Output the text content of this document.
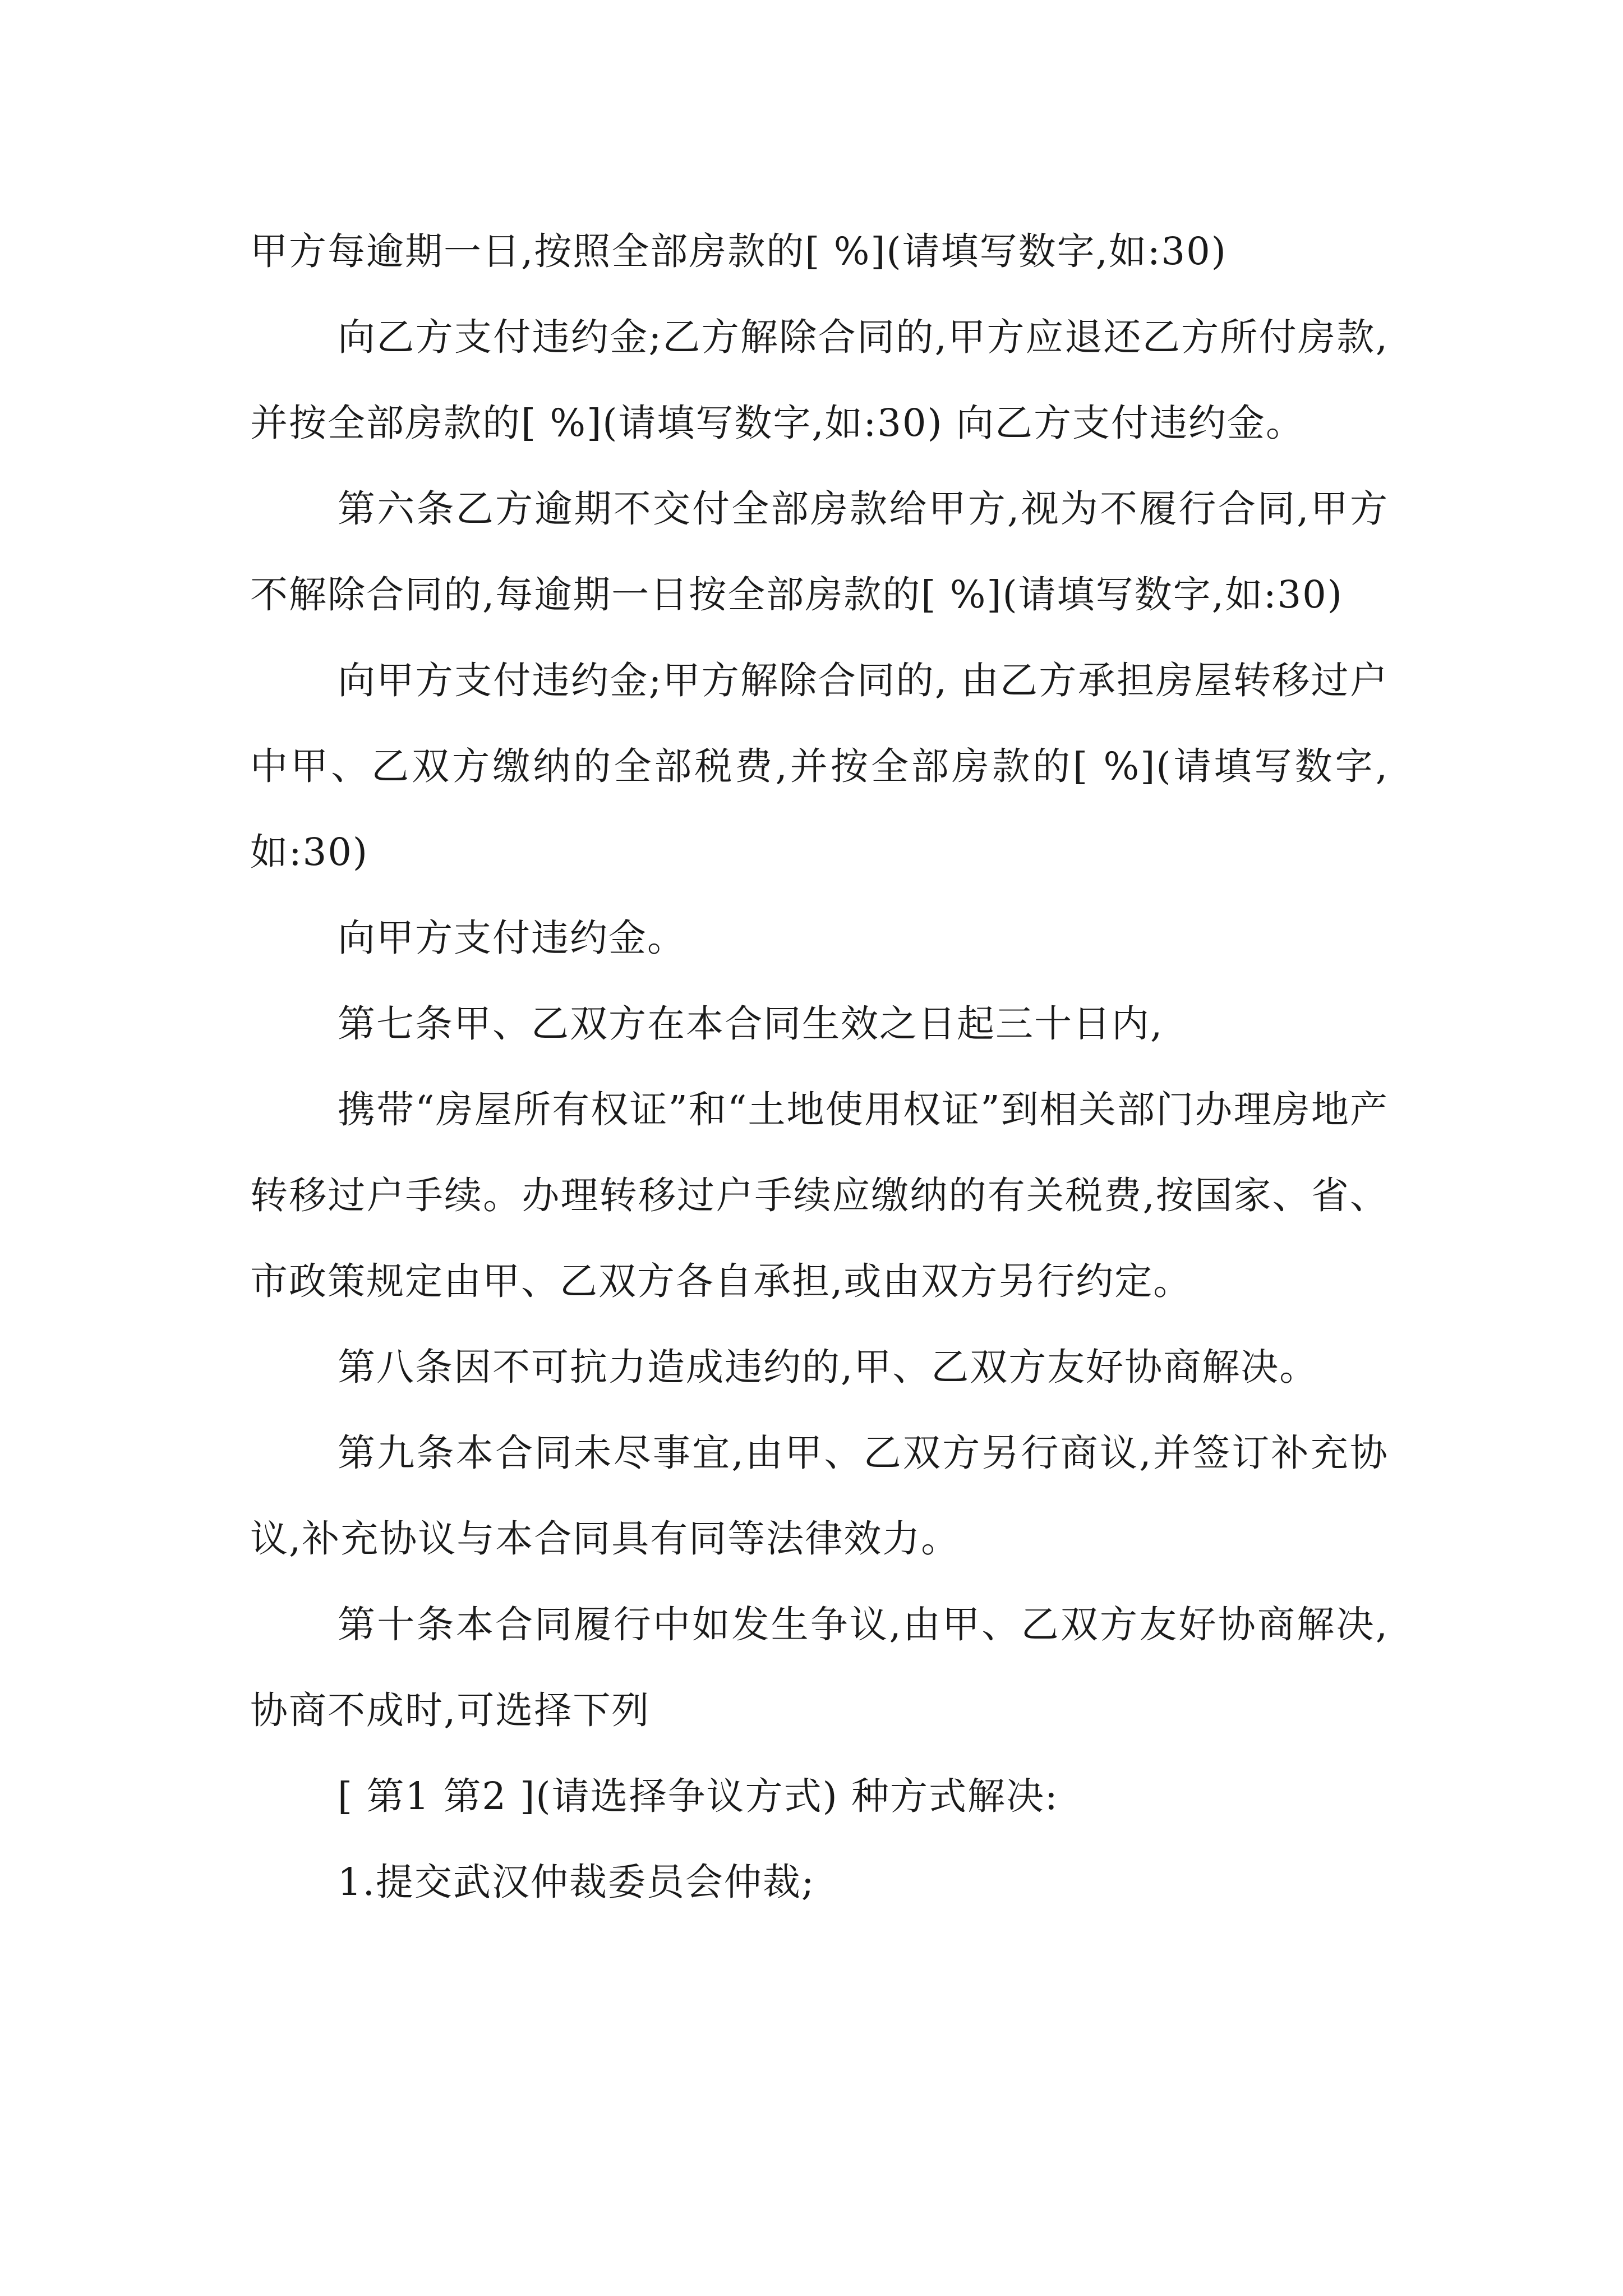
甲方每逾期一日,按照全部房款的[ %](请填写数字,如:30)

向乙方支付违约金;乙方解除合同的,甲方应退还乙方所付房款,并按全部房款的[ %](请填写数字,如:30) 向乙方支付违约金。

第六条乙方逾期不交付全部房款给甲方,视为不履行合同,甲方不解除合同的,每逾期一日按全部房款的[ %](请填写数字,如:30)

向甲方支付违约金;甲方解除合同的, 由乙方承担房屋转移过户中甲、乙双方缴纳的全部税费,并按全部房款的[ %](请填写数字,如:30)

向甲方支付违约金。

第七条甲、乙双方在本合同生效之日起三十日内,

携带“房屋所有权证”和“土地使用权证”到相关部门办理房地产转移过户手续。办理转移过户手续应缴纳的有关税费,按国家、省、市政策规定由甲、乙双方各自承担,或由双方另行约定。

第八条因不可抗力造成违约的,甲、乙双方友好协商解决。

第九条本合同未尽事宜,由甲、乙双方另行商议,并签订补充协议,补充协议与本合同具有同等法律效力。

第十条本合同履行中如发生争议,由甲、乙双方友好协商解决,协商不成时,可选择下列

[ 第1 第2 ](请选择争议方式) 种方式解决:

1.提交武汉仲裁委员会仲裁;
